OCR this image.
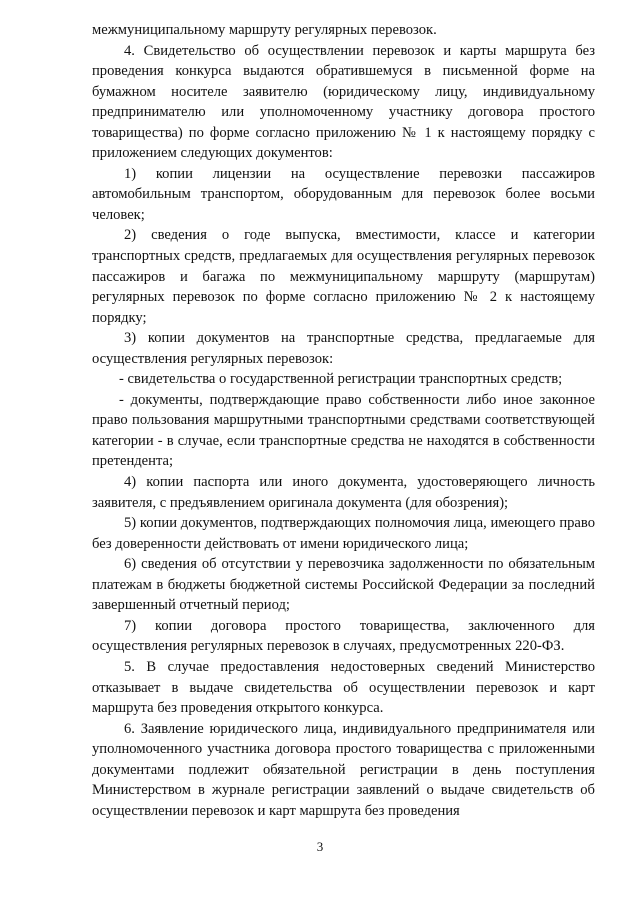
межмуниципальному маршруту регулярных перевозок.

4. Свидетельство об осуществлении перевозок и карты маршрута без проведения конкурса выдаются обратившемуся в письменной форме на бумажном носителе заявителю (юридическому лицу, индивидуальному предпринимателю или уполномоченному участнику договора простого товарищества) по форме согласно приложению № 1 к настоящему порядку с приложением следующих документов:

1) копии лицензии на осуществление перевозки пассажиров автомобильным транспортом, оборудованным для перевозок более восьми человек;

2) сведения о годе выпуска, вместимости, классе и категории транспортных средств, предлагаемых для осуществления регулярных перевозок пассажиров и багажа по межмуниципальному маршруту (маршрутам) регулярных перевозок по форме согласно приложению № 2 к настоящему порядку;

3) копии документов на транспортные средства, предлагаемые для осуществления регулярных перевозок:

- свидетельства о государственной регистрации транспортных средств;

- документы, подтверждающие право собственности либо иное законное право пользования маршрутными транспортными средствами соответствующей категории - в случае, если транспортные средства не находятся в собственности претендента;

4) копии паспорта или иного документа, удостоверяющего личность заявителя, с предъявлением оригинала документа (для обозрения);

5) копии документов, подтверждающих полномочия лица, имеющего право без доверенности действовать от имени юридического лица;

6) сведения об отсутствии у перевозчика задолженности по обязательным платежам в бюджеты бюджетной системы Российской Федерации за последний завершенный отчетный период;

7) копии договора простого товарищества, заключенного для осуществления регулярных перевозок в случаях, предусмотренных 220-ФЗ.

5. В случае предоставления недостоверных сведений Министерство отказывает в выдаче свидетельства об осуществлении перевозок и карт маршрута без проведения открытого конкурса.

6. Заявление юридического лица, индивидуального предпринимателя или уполномоченного участника договора простого товарищества с приложенными документами подлежит обязательной регистрации в день поступления Министерством в журнале регистрации заявлений о выдаче свидетельств об осуществлении перевозок и карт маршрута без проведения

3
